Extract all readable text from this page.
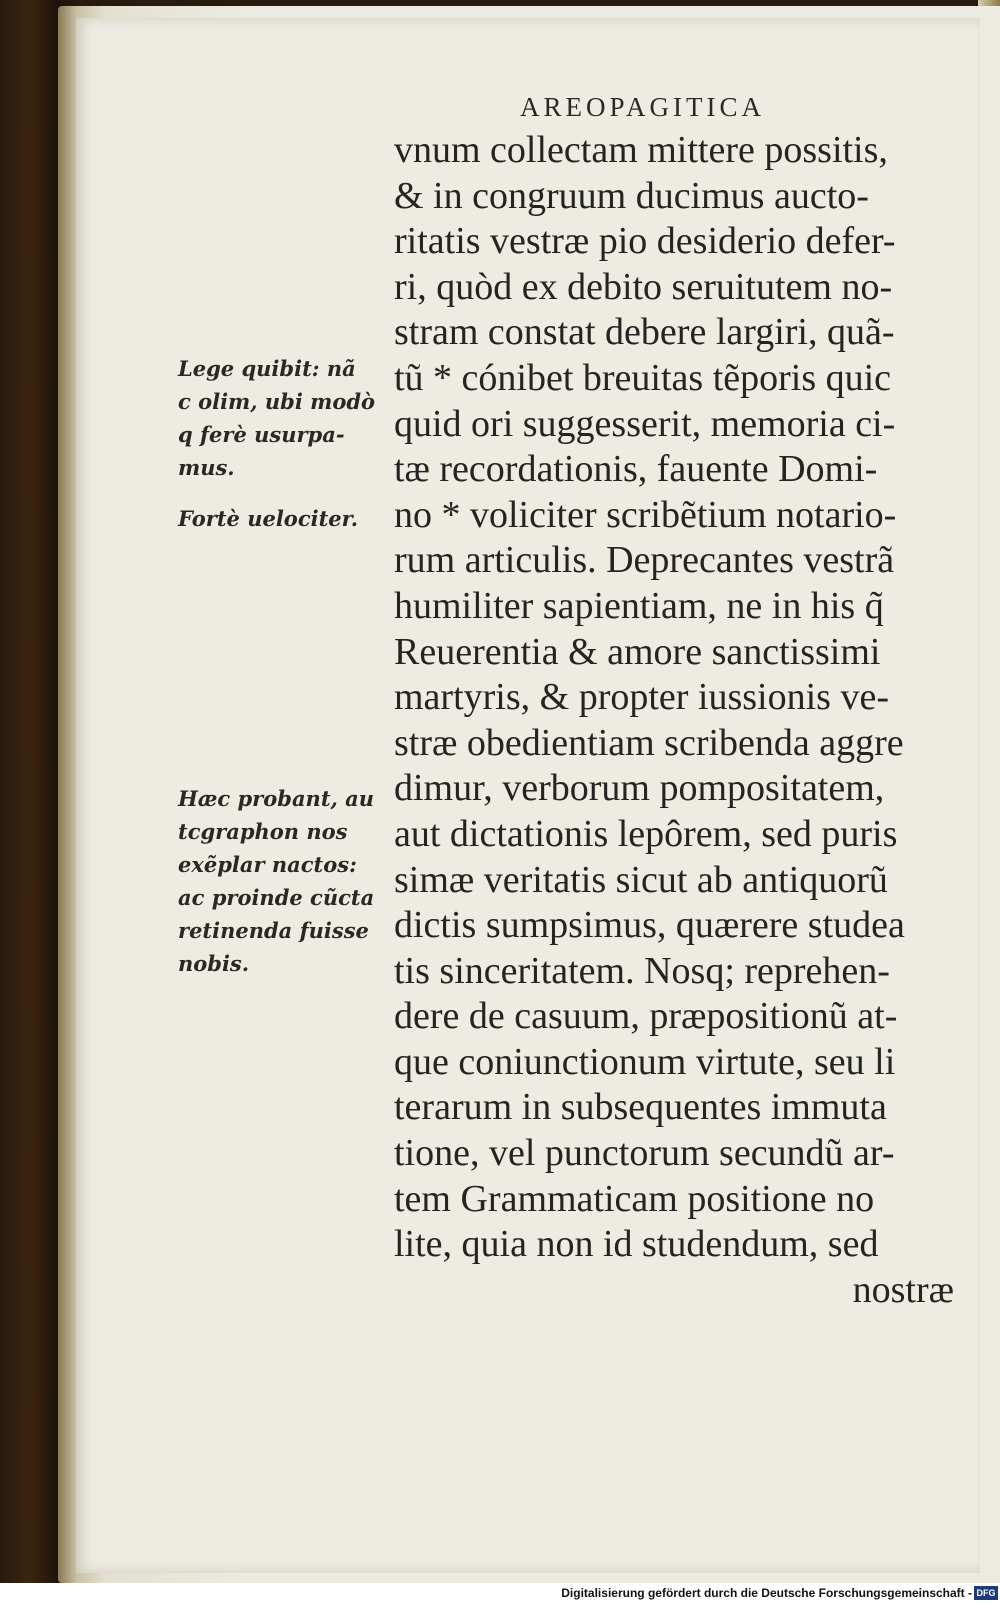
AREOPAGITICA
Lege quibit: nã
c olim, ubi modò
q ferè usurpa-
mus.
Fortè uelociter.
Hæc probant, au
tcgraphon nos
exẽplar nactos:
ac proinde cũcta
retinenda fuisse
nobis.
vnum collectam mittere possitis,
& in congruum ducimus aucto-
ritatis vestræ pio desiderio defer-
ri, quòd ex debito seruitutem no-
stram constat debere largiri, quã-
tũ * cónibet breuitas tẽporis quic
quid ori suggesserit, memoria ci-
tæ recordationis, fauente Domi-
no * voliciter scribẽtium notario-
rum articulis. Deprecantes vestrã
humiliter sapientiam, ne in his q̃
Reuerentia & amore sanctissimi
martyris, & propter iussionis ve-
stræ obedientiam scribenda aggre
dimur, verborum pompositatem,
aut dictationis lepôrem, sed puris
simæ veritatis sicut ab antiquorũ
dictis sumpsimus, quærere studea
tis sinceritatem. Nosq; reprehen-
dere de casuum, præpositionũ at-
que coniunctionum virtute, seu li
terarum in subsequentes immuta
tione, vel punctorum secundũ ar-
tem Grammaticam positione no
lite, quia non id studendum, sed
nostræ
Digitalisierung gefördert durch die Deutsche Forschungsgemeinschaft - DFG
